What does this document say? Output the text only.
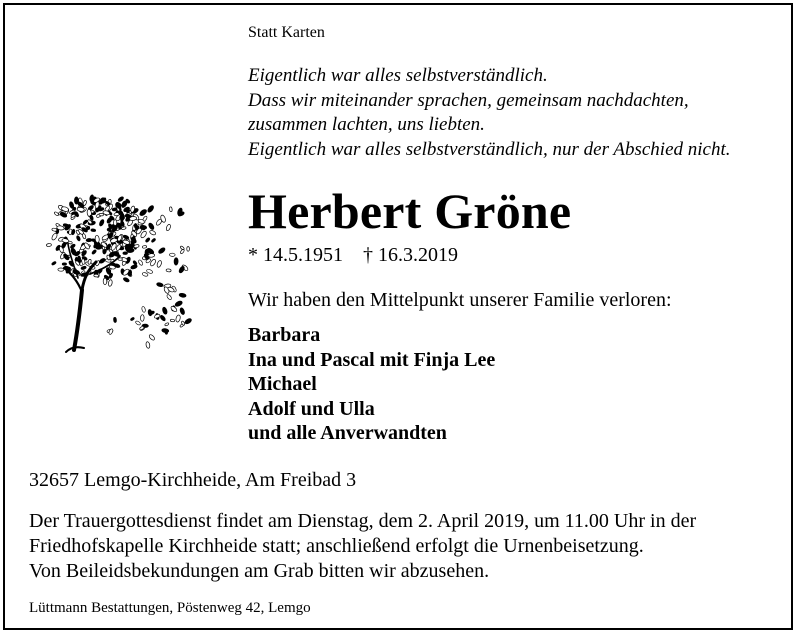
Statt Karten
Eigentlich war alles selbstverständlich.
Dass wir miteinander sprachen, gemeinsam nachdachten,
zusammen lachten, uns liebten.
Eigentlich war alles selbstverständlich, nur der Abschied nicht.
Herbert Gröne
* 14.5.1951 † 16.3.2019
Wir haben den Mittelpunkt unserer Familie verloren:
Barbara
Ina und Pascal mit Finja Lee
Michael
Adolf und Ulla
und alle Anverwandten
32657 Lemgo-Kirchheide, Am Freibad 3
Der Trauergottesdienst findet am Dienstag, dem 2. April 2019, um 11.00 Uhr in der
Friedhofskapelle Kirchheide statt; anschließend erfolgt die Urnenbeisetzung.
Von Beileidsbekundungen am Grab bitten wir abzusehen.
Lüttmann Bestattungen, Pöstenweg 42, Lemgo
